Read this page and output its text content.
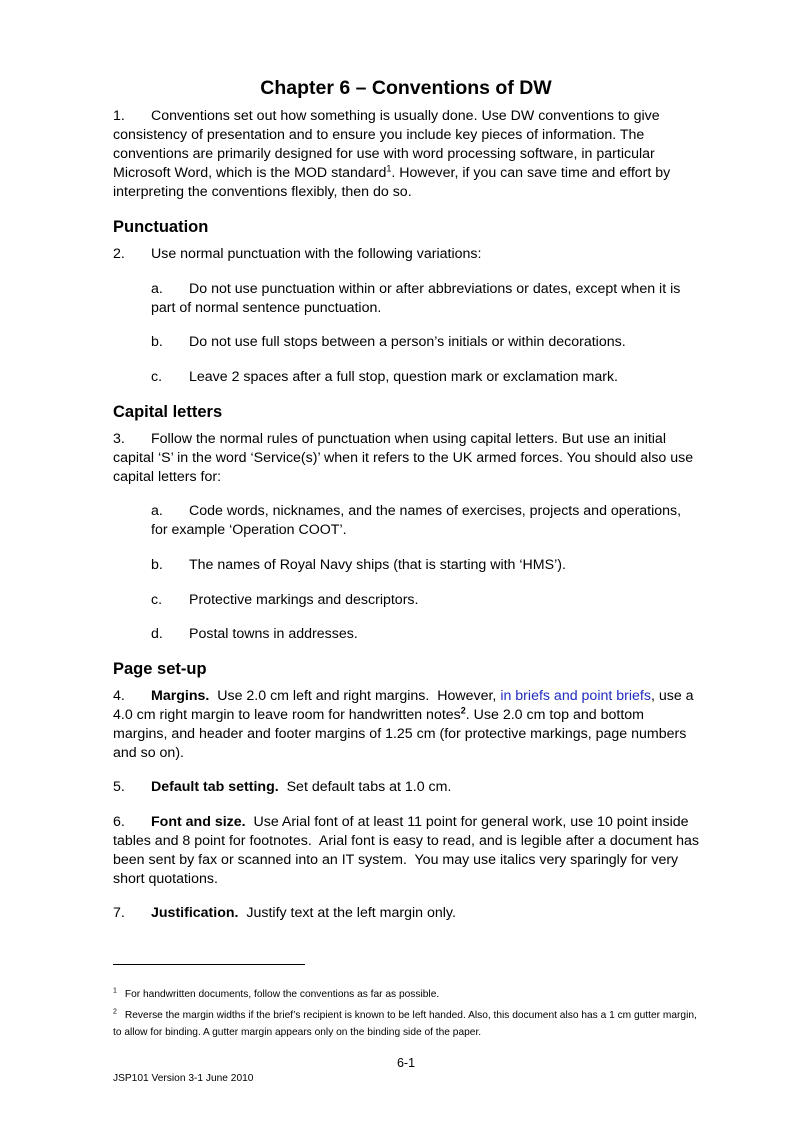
Chapter 6 – Conventions of DW

1. Conventions set out how something is usually done. Use DW conventions to give consistency of presentation and to ensure you include key pieces of information. The conventions are primarily designed for use with word processing software, in particular Microsoft Word, which is the MOD standard$^1$. However, if you can save time and effort by interpreting the conventions flexibly, then do so.

Punctuation

2. Use normal punctuation with the following variations:

a. Do not use punctuation within or after abbreviations or dates, except when it is part of normal sentence punctuation.

b. Do not use full stops between a person’s initials or within decorations.

c. Leave 2 spaces after a full stop, question mark or exclamation mark.

Capital letters

3. Follow the normal rules of punctuation when using capital letters. But use an initial capital ‘S’ in the word ‘Service(s)’ when it refers to the UK armed forces. You should also use capital letters for:

a. Code words, nicknames, and the names of exercises, projects and operations, for example ‘Operation COOT’.

b. The names of Royal Navy ships (that is starting with ‘HMS’).

c. Protective markings and descriptors.

d. Postal towns in addresses.

Page set-up

4. Margins.  Use 2.0 cm left and right margins.  However, in briefs and point briefs, use a 4.0 cm right margin to leave room for handwritten notes$^2$. Use 2.0 cm top and bottom margins, and header and footer margins of 1.25 cm (for protective markings, page numbers and so on).

5. Default tab setting.  Set default tabs at 1.0 cm.

6. Font and size.  Use Arial font of at least 11 point for general work, use 10 point inside tables and 8 point for footnotes.  Arial font is easy to read, and is legible after a document has been sent by fax or scanned into an IT system.  You may use italics very sparingly for very short quotations.

7. Justification.  Justify text at the left margin only.

$^1$ For handwritten documents, follow the conventions as far as possible.

$^2$ Reverse the margin widths if the brief’s recipient is known to be left handed. Also, this document also has a 1 cm gutter margin, to allow for binding. A gutter margin appears only on the binding side of the paper.

6-1
JSP101 Version 3-1 June 2010
